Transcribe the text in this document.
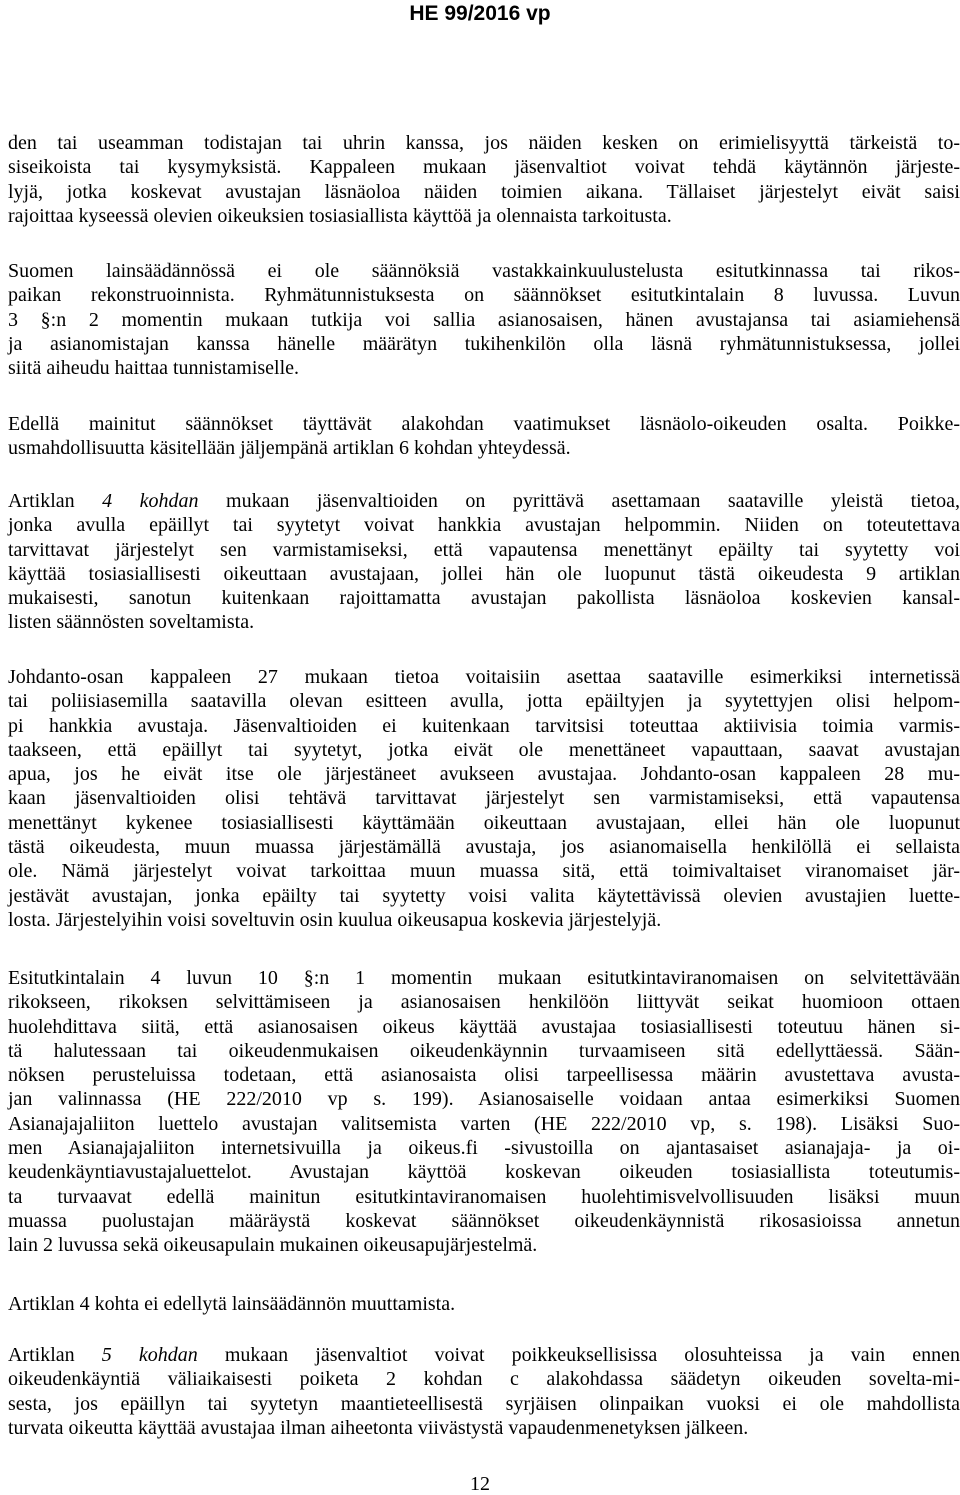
HE 99/2016 vp
den tai useamman todistajan tai uhrin kanssa, jos näiden kesken on erimielisyyttä tärkeistä to-
siseikoista tai kysymyksistä. Kappaleen mukaan jäsenvaltiot voivat tehdä käytännön järjeste-
lyjä, jotka koskevat avustajan läsnäoloa näiden toimien aikana. Tällaiset järjestelyt eivät saisi
rajoittaa kyseessä olevien oikeuksien tosiasiallista käyttöä ja olennaista tarkoitusta.
Suomen lainsäädännössä ei ole säännöksiä vastakkainkuulustelusta esitutkinnassa tai rikos-
paikan rekonstruoinnista. Ryhmätunnistuksesta on säännökset esitutkintalain 8 luvussa. Luvun
3 §:n 2 momentin mukaan tutkija voi sallia asianosaisen, hänen avustajansa tai asiamiehensä
ja asianomistajan kanssa hänelle määrätyn tukihenkilön olla läsnä ryhmätunnistuksessa, jollei
siitä aiheudu haittaa tunnistamiselle.
Edellä mainitut säännökset täyttävät alakohdan vaatimukset läsnäolo-oikeuden osalta. Poikke-
usmahdollisuutta käsitellään jäljempänä artiklan 6 kohdan yhteydessä.
Artiklan 4 kohdan mukaan jäsenvaltioiden on pyrittävä asettamaan saataville yleistä tietoa,
jonka avulla epäillyt tai syytetyt voivat hankkia avustajan helpommin. Niiden on toteutettava
tarvittavat järjestelyt sen varmistamiseksi, että vapautensa menettänyt epäilty tai syytetty voi
käyttää tosiasiallisesti oikeuttaan avustajaan, jollei hän ole luopunut tästä oikeudesta 9 artiklan
mukaisesti, sanotun kuitenkaan rajoittamatta avustajan pakollista läsnäoloa koskevien kansal-
listen säännösten soveltamista.
Johdanto-osan kappaleen 27 mukaan tietoa voitaisiin asettaa saataville esimerkiksi internetissä
tai poliisiasemilla saatavilla olevan esitteen avulla, jotta epäiltyjen ja syytettyjen olisi helpom-
pi hankkia avustaja. Jäsenvaltioiden ei kuitenkaan tarvitsisi toteuttaa aktiivisia toimia varmis-
taakseen, että epäillyt tai syytetyt, jotka eivät ole menettäneet vapauttaan, saavat avustajan
apua, jos he eivät itse ole järjestäneet avukseen avustajaa. Johdanto-osan kappaleen 28 mu-
kaan jäsenvaltioiden olisi tehtävä tarvittavat järjestelyt sen varmistamiseksi, että vapautensa
menettänyt kykenee tosiasiallisesti käyttämään oikeuttaan avustajaan, ellei hän ole luopunut
tästä oikeudesta, muun muassa järjestämällä avustaja, jos asianomaisella henkilöllä ei sellaista
ole. Nämä järjestelyt voivat tarkoittaa muun muassa sitä, että toimivaltaiset viranomaiset jär-
jestävät avustajan, jonka epäilty tai syytetty voisi valita käytettävissä olevien avustajien luette-
losta. Järjestelyihin voisi soveltuvin osin kuulua oikeusapua koskevia järjestelyjä.
Esitutkintalain 4 luvun 10 §:n 1 momentin mukaan esitutkintaviranomaisen on selvitettävään
rikokseen, rikoksen selvittämiseen ja asianosaisen henkilöön liittyvät seikat huomioon ottaen
huolehdittava siitä, että asianosaisen oikeus käyttää avustajaa tosiasiallisesti toteutuu hänen si-
tä halutessaan tai oikeudenmukaisen oikeudenkäynnin turvaamiseen sitä edellyttäessä. Sään-
nöksen perusteluissa todetaan, että asianosaista olisi tarpeellisessa määrin avustettava avusta-
jan valinnassa (HE 222/2010 vp s. 199). Asianosaiselle voidaan antaa esimerkiksi Suomen
Asianajajaliiton luettelo avustajan valitsemista varten (HE 222/2010 vp, s. 198). Lisäksi Suo-
men Asianajajaliiton internetsivuilla ja oikeus.fi -sivustoilla on ajantasaiset asianajaja- ja oi-
keudenkäyntiavustajaluettelot. Avustajan käyttöä koskevan oikeuden tosiasiallista toteutumis-
ta turvaavat edellä mainitun esitutkintaviranomaisen huolehtimisvelvollisuuden lisäksi muun
muassa puolustajan määräystä koskevat säännökset oikeudenkäynnistä rikosasioissa annetun
lain 2 luvussa sekä oikeusapulain mukainen oikeusapujärjestelmä.
Artiklan 4 kohta ei edellytä lainsäädännön muuttamista.
Artiklan 5 kohdan mukaan jäsenvaltiot voivat poikkeuksellisissa olosuhteissa ja vain ennen
oikeudenkäyntiä väliaikaisesti poiketa 2 kohdan c alakohdassa säädetyn oikeuden sovelta-mi-
sesta, jos epäillyn tai syytetyn maantieteellisestä syrjäisen olinpaikan vuoksi ei ole mahdollista
turvata oikeutta käyttää avustajaa ilman aiheetonta viivästystä vapaudenmenetyksen jälkeen.
12
